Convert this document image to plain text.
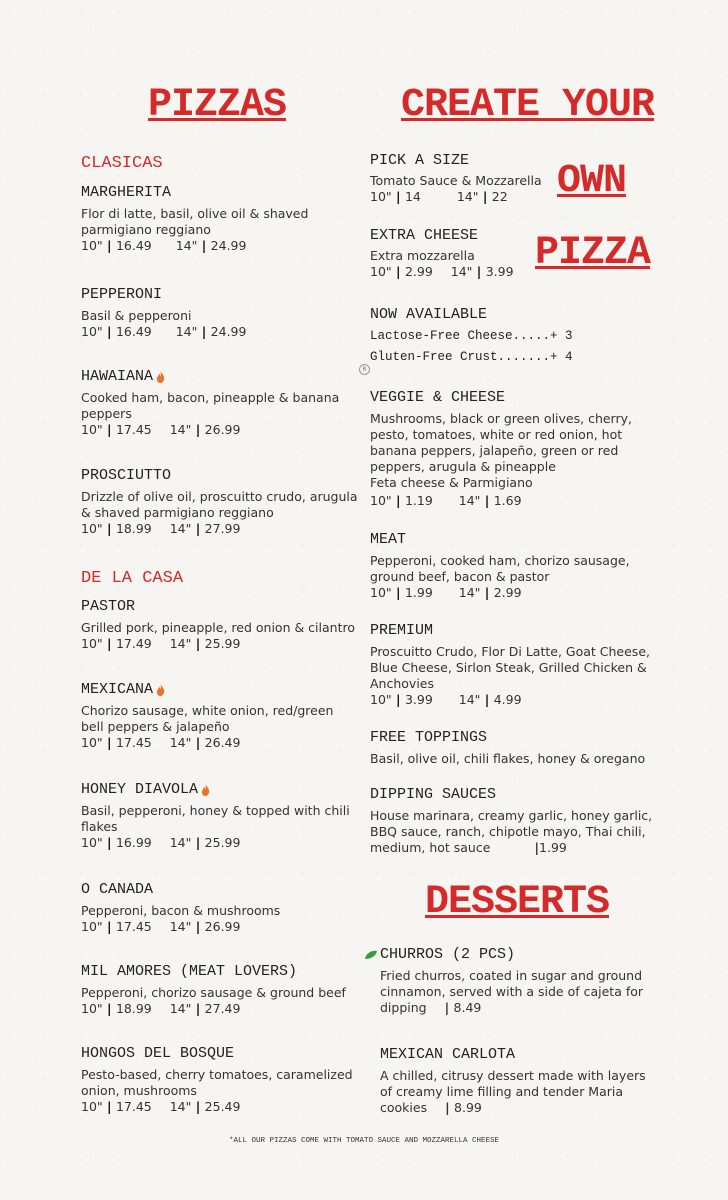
PIZZAS
CLASICAS
DE LA CASA
MARGHERITA
Flor di latte, basil, olive oil & shaved parmigiano reggiano
10" | 16.49 14" | 24.99
PEPPERONI
Basil & pepperoni
10" | 16.49 14" | 24.99
HAWAIANA
Cooked ham, bacon, pineapple & banana peppers
10" | 17.45 14" | 26.99
PROSCIUTTO
Drizzle of olive oil, proscuitto crudo, arugula & shaved parmigiano reggiano
10" | 18.99 14" | 27.99
PASTOR
Grilled pork, pineapple, red onion & cilantro
10" | 17.49 14" | 25.99
MEXICANA
Chorizo sausage, white onion, red/green bell peppers & jalapeño
10" | 17.45 14" | 26.49
HONEY DIAVOLA
Basil, pepperoni, honey & topped with chili flakes
10" | 16.99 14" | 25.99
O CANADA
Pepperoni, bacon & mushrooms
10" | 17.45 14" | 26.99
MIL AMORES (MEAT LOVERS)
Pepperoni, chorizo sausage & ground beef
10" | 18.99 14" | 27.49
HONGOS DEL BOSQUE
Pesto-based, cherry tomatoes, caramelized onion, mushrooms
10" | 17.45 14" | 25.49
CREATE YOUR
OWN
PIZZA
PICK A SIZE
Tomato Sauce & Mozzarella
10" | 14	14" | 22
EXTRA CHEESE
Extra mozzarella
10" | 2.99 14" | 3.99
NOW AVAILABLE
Lactose-Free Cheese.....+ 3
Gluten-Free Crust.......+ 4
R
VEGGIE & CHEESE
Mushrooms, black or green olives, cherry, pesto, tomatoes, white or red onion, hot banana peppers, jalapeño, green or red peppers, arugula & pineapple
Feta cheese & Parmigiano
10" | 1.19 14" | 1.69
MEAT
Pepperoni, cooked ham, chorizo sausage, ground beef, bacon & pastor
10" | 1.99 14" | 2.99
PREMIUM
Proscuitto Crudo, Flor Di Latte, Goat Cheese, Blue Cheese, Sirlon Steak, Grilled Chicken & Anchovies
10" | 3.99 14" | 4.99
FREE TOPPINGS
Basil, olive oil, chili flakes, honey & oregano
DIPPING SAUCES
House marinara, creamy garlic, honey garlic, BBQ sauce, ranch, chipotle mayo, Thai chili, medium, hot sauce	|1.99
DESSERTS
CHURROS (2 PCS)
Fried churros, coated in sugar and ground cinnamon, served with a side of cajeta for dipping | 8.49
MEXICAN CARLOTA
A chilled, citrusy dessert made with layers of creamy lime filling and tender Maria cookies | 8.99
*ALL OUR PIZZAS COME WITH TOMATO SAUCE AND MOZZARELLA CHEESE
